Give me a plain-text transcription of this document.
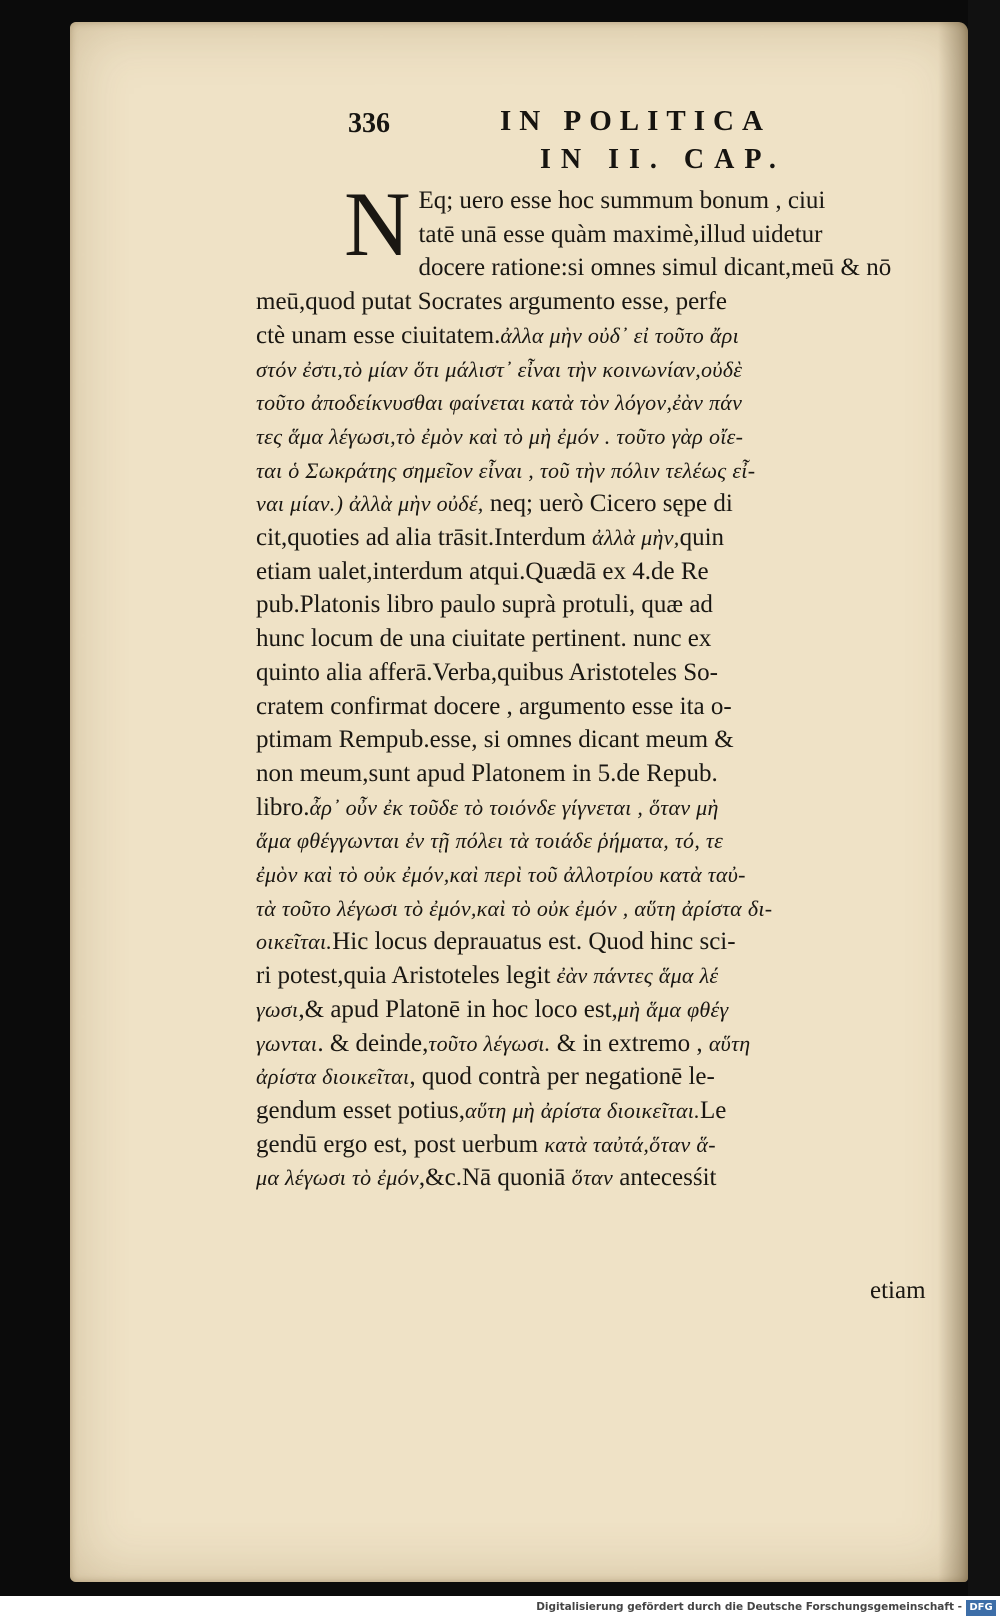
336	IN POLITICA
IN II. CAP.
N Eq; uero esse hoc summum bonum , ciui
tatē unā esse quàm maximè,illud uidetur
docere ratione:si omnes simul dicant,meū & nō
meū,quod putat Socrates argumento esse, perfe
ctè unam esse ciuitatem.ἀλλα μὴν οὐδ᾽ εἰ τοῦτο ἄρι
στόν ἐστι,τὸ μίαν ὅτι μάλιστ᾽ εἶναι τὴν κοινωνίαν,οὐδὲ
τοῦτο ἀποδείκνυσθαι φαίνεται κατὰ τὸν λόγον,ἐὰν πάν
τες ἅμα λέγωσι,τὸ ἐμὸν καὶ τὸ μὴ ἐμόν . τοῦτο γὰρ οἴε-
ται ὁ Σωκράτης σημεῖον εἶναι , τοῦ τὴν πόλιν τελέως εἶ-
ναι μίαν.) ἀλλὰ μὴν οὐδέ, neq; uerò Cicero sępe di
cit,quoties ad alia trāsit.Interdum ἀλλὰ μὴν,quin
etiam ualet,interdum atqui.Quædā ex 4.de Re
pub.Platonis libro paulo suprà protuli, quæ ad
hunc locum de una ciuitate pertinent. nunc ex
quinto alia afferā.Verba,quibus Aristoteles So-
cratem confirmat docere , argumento esse ita o-
ptimam Rempub.esse, si omnes dicant meum &
non meum,sunt apud Platonem in 5.de Repub.
libro.ἆρ᾽ οὖν ἐκ τοῦδε τὸ τοιόνδε γίγνεται , ὅταν μὴ
ἅμα φθέγγωνται ἐν τῇ πόλει τὰ τοιάδε ῥήματα, τό, τε
ἐμὸν καὶ τὸ οὐκ ἐμόν,καὶ περὶ τοῦ ἀλλοτρίου κατὰ ταὐ-
τὰ τοῦτο λέγωσι τὸ ἐμόν,καὶ τὸ οὐκ ἐμόν , αὕτη ἀρίστα δι-
οικεῖται.Hic locus deprauatus est. Quod hinc sci-
ri potest,quia Aristoteles legit ἐὰν πάντες ἅμα λέ
γωσι,& apud Platonē in hoc loco est,μὴ ἅμα φθέγ
γωνται. & deinde,τοῦτο λέγωσι. & in extremo , αὕτη
ἀρίστα διοικεῖται, quod contrà per negationē le-
gendum esset potius,αὕτη μὴ ἀρίστα διοικεῖται.Le
gendū ergo est, post uerbum κατὰ ταὐτά,ὅταν ἅ-
μα λέγωσι τὸ ἐμόν,&c.Nā quoniā ὅταν antecesśit
etiam
Digitalisierung gefördert durch die Deutsche Forschungsgemeinschaft - DFG
